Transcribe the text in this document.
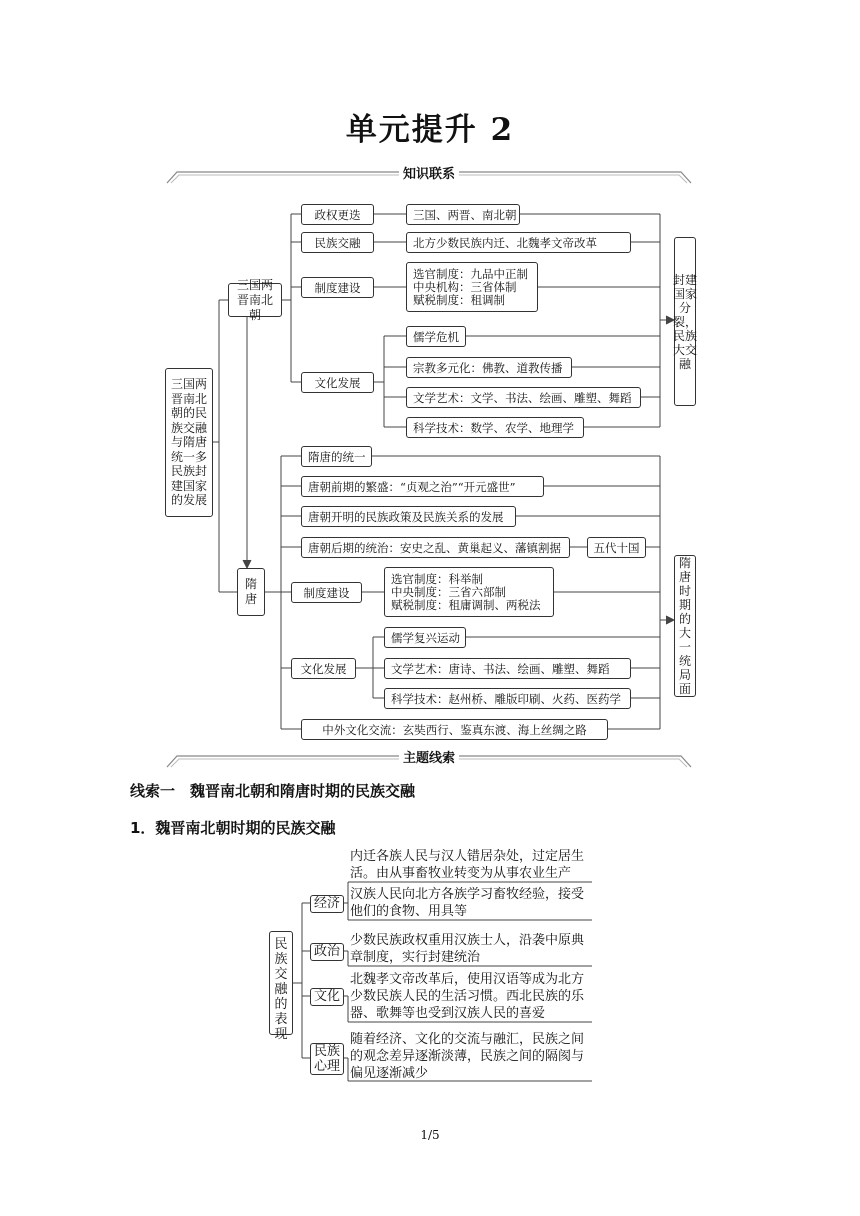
单元提升 2
知识联系
三国两晋南北朝的民族交融与隋唐统一多民族封建国家的发展
三国两晋南北朝
隋唐
政权更迭
民族交融
制度建设
文化发展
三国、两晋、南北朝
北方少数民族内迁、北魏孝文帝改革
选官制度：九品中正制
中央机构：三省体制
赋税制度：租调制
儒学危机
宗教多元化：佛教、道教传播
文学艺术：文学、书法、绘画、雕塑、舞蹈
科学技术：数学、农学、地理学
封建国家分裂，民族大交融
隋唐的统一
唐朝前期的繁盛：“贞观之治”“开元盛世”
唐朝开明的民族政策及民族关系的发展
唐朝后期的统治：安史之乱、黄巢起义、藩镇割据	五代十国
制度建设
选官制度：科举制
中央制度：三省六部制
赋税制度：租庸调制、两税法
文化发展
儒学复兴运动
文学艺术：唐诗、书法、绘画、雕塑、舞蹈
科学技术：赵州桥、雕版印刷、火药、医药学
中外文化交流：玄奘西行、鉴真东渡、海上丝绸之路
隋唐时期的大一统局面
主题线索
线索一　魏晋南北朝和隋唐时期的民族交融
1．魏晋南北朝时期的民族交融
民族交融的表现
经济
政治
文化
民族心理
内迁各族人民与汉人错居杂处，过定居生活。由从事畜牧业转变为从事农业生产
汉族人民向北方各族学习畜牧经验，接受他们的食物、用具等
少数民族政权重用汉族士人，沿袭中原典章制度，实行封建统治
北魏孝文帝改革后，使用汉语等成为北方少数民族人民的生活习惯。西北民族的乐器、歌舞等也受到汉族人民的喜爱
随着经济、文化的交流与融汇，民族之间的观念差异逐渐淡薄，民族之间的隔阂与偏见逐渐减少
1/5
